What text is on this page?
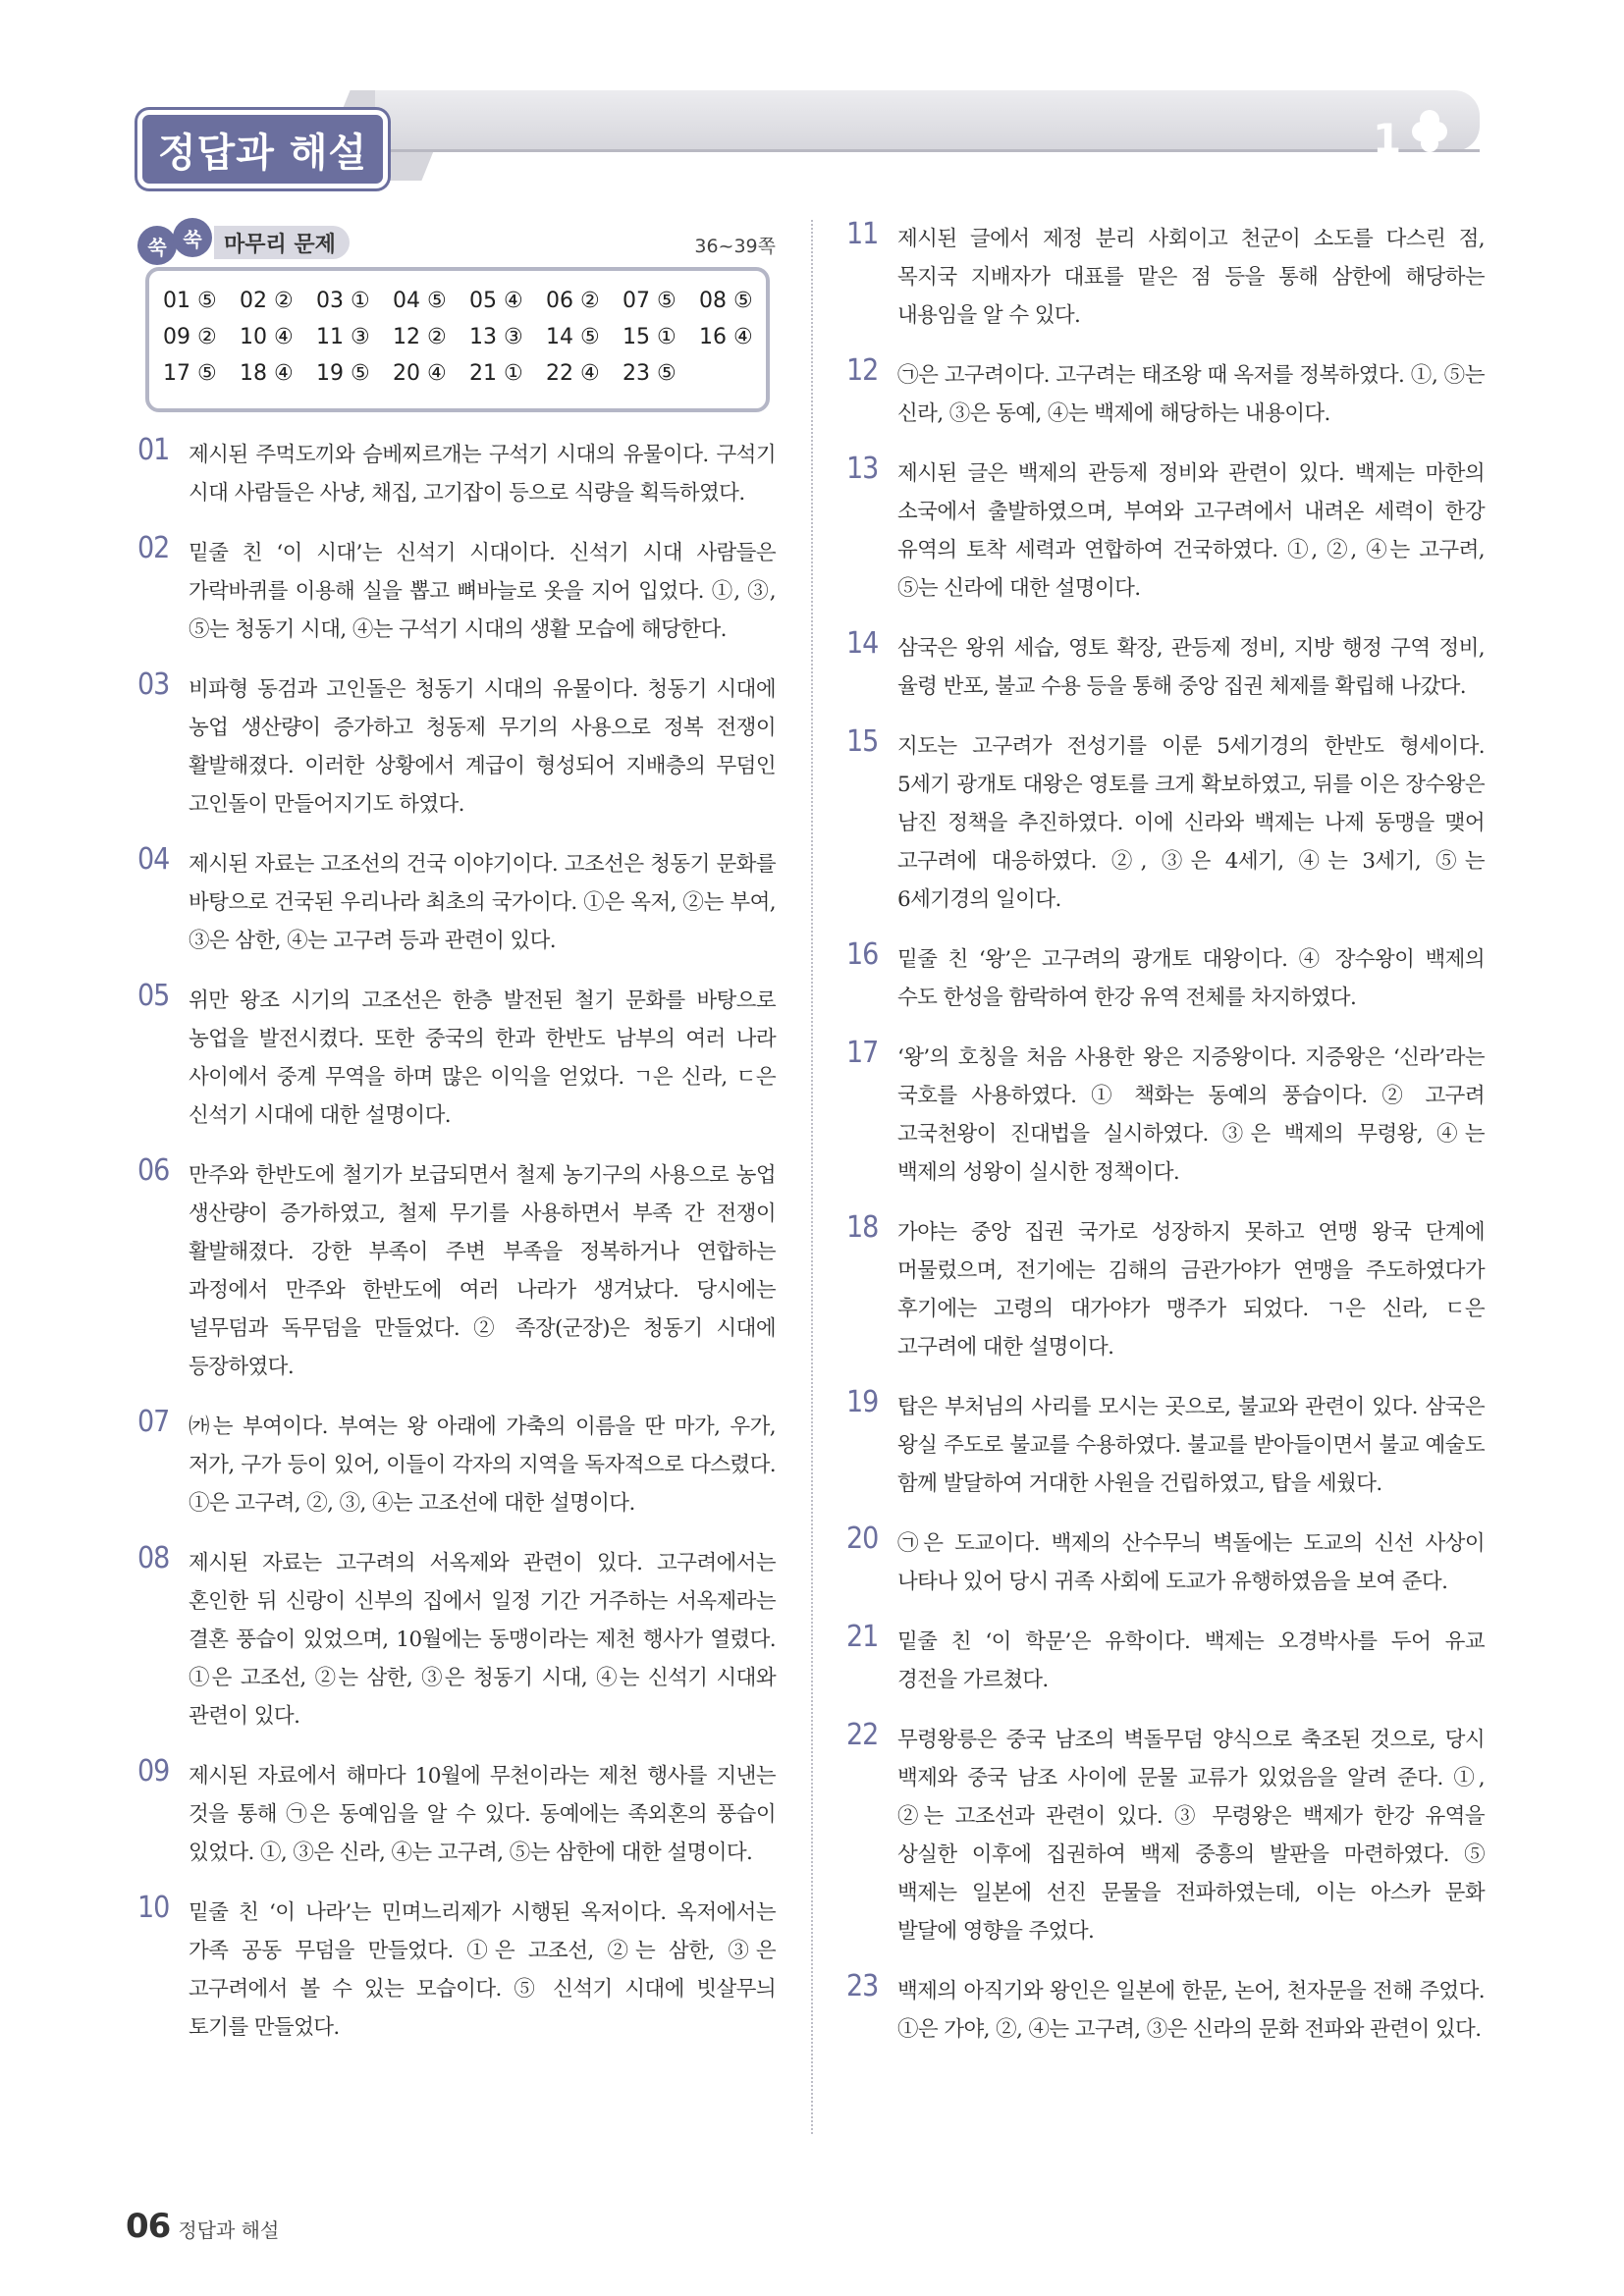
정답과 해설	1
쑥 쑥	마무리 문제	36~39쪽
01 ⑤	02 ②	03 ①	04 ⑤	05 ④	06 ②	07 ⑤	08 ⑤
09 ②	10 ④	11 ③	12 ②	13 ③	14 ⑤	15 ①	16 ④
17 ⑤	18 ④	19 ⑤	20 ④	21 ①	22 ④	23 ⑤
01 제시된 주먹도끼와 슴베찌르개는 구석기 시대의 유물이다. 구석기 시대 사람들은 사냥, 채집, 고기잡이 등으로 식량을 획득하였다.
02 밑줄 친 ‘이 시대’는 신석기 시대이다. 신석기 시대 사람들은 가락바퀴를 이용해 실을 뽑고 뼈바늘로 옷을 지어 입었다. ①, ③, ⑤는 청동기 시대, ④는 구석기 시대의 생활 모습에 해당한다.
03 비파형 동검과 고인돌은 청동기 시대의 유물이다. 청동기 시대에 농업 생산량이 증가하고 청동제 무기의 사용으로 정복 전쟁이 활발해졌다. 이러한 상황에서 계급이 형성되어 지배층의 무덤인 고인돌이 만들어지기도 하였다.
04 제시된 자료는 고조선의 건국 이야기이다. 고조선은 청동기 문화를 바탕으로 건국된 우리나라 최초의 국가이다. ①은 옥저, ②는 부여, ③은 삼한, ④는 고구려 등과 관련이 있다.
05 위만 왕조 시기의 고조선은 한층 발전된 철기 문화를 바탕으로 농업을 발전시켰다. 또한 중국의 한과 한반도 남부의 여러 나라 사이에서 중계 무역을 하며 많은 이익을 얻었다. ㄱ은 신라, ㄷ은 신석기 시대에 대한 설명이다.
06 만주와 한반도에 철기가 보급되면서 철제 농기구의 사용으로 농업 생산량이 증가하였고, 철제 무기를 사용하면서 부족 간 전쟁이 활발해졌다. 강한 부족이 주변 부족을 정복하거나 연합하는 과정에서 만주와 한반도에 여러 나라가 생겨났다. 당시에는 널무덤과 독무덤을 만들었다. ② 족장(군장)은 청동기 시대에 등장하였다.
07 ㈎는 부여이다. 부여는 왕 아래에 가축의 이름을 딴 마가, 우가, 저가, 구가 등이 있어, 이들이 각자의 지역을 독자적으로 다스렸다. ①은 고구려, ②, ③, ④는 고조선에 대한 설명이다.
08 제시된 자료는 고구려의 서옥제와 관련이 있다. 고구려에서는 혼인한 뒤 신랑이 신부의 집에서 일정 기간 거주하는 서옥제라는 결혼 풍습이 있었으며, 10월에는 동맹이라는 제천 행사가 열렸다. ①은 고조선, ②는 삼한, ③은 청동기 시대, ④는 신석기 시대와 관련이 있다.
09 제시된 자료에서 해마다 10월에 무천이라는 제천 행사를 지낸는 것을 통해 ㉠은 동예임을 알 수 있다. 동예에는 족외혼의 풍습이 있었다. ①, ③은 신라, ④는 고구려, ⑤는 삼한에 대한 설명이다.
10 밑줄 친 ‘이 나라’는 민며느리제가 시행된 옥저이다. 옥저에서는 가족 공동 무덤을 만들었다. ①은 고조선, ②는 삼한, ③은 고구려에서 볼 수 있는 모습이다. ⑤ 신석기 시대에 빗살무늬 토기를 만들었다.
11 제시된 글에서 제정 분리 사회이고 천군이 소도를 다스린 점, 목지국 지배자가 대표를 맡은 점 등을 통해 삼한에 해당하는 내용임을 알 수 있다.
12 ㉠은 고구려이다. 고구려는 태조왕 때 옥저를 정복하였다. ①, ⑤는 신라, ③은 동예, ④는 백제에 해당하는 내용이다.
13 제시된 글은 백제의 관등제 정비와 관련이 있다. 백제는 마한의 소국에서 출발하였으며, 부여와 고구려에서 내려온 세력이 한강 유역의 토착 세력과 연합하여 건국하였다. ①, ②, ④는 고구려, ⑤는 신라에 대한 설명이다.
14 삼국은 왕위 세습, 영토 확장, 관등제 정비, 지방 행정 구역 정비, 율령 반포, 불교 수용 등을 통해 중앙 집권 체제를 확립해 나갔다.
15 지도는 고구려가 전성기를 이룬 5세기경의 한반도 형세이다. 5세기 광개토 대왕은 영토를 크게 확보하였고, 뒤를 이은 장수왕은 남진 정책을 추진하였다. 이에 신라와 백제는 나제 동맹을 맺어 고구려에 대응하였다. ②, ③은 4세기, ④는 3세기, ⑤는 6세기경의 일이다.
16 밑줄 친 ‘왕’은 고구려의 광개토 대왕이다. ④ 장수왕이 백제의 수도 한성을 함락하여 한강 유역 전체를 차지하였다.
17 ‘왕’의 호칭을 처음 사용한 왕은 지증왕이다. 지증왕은 ‘신라’라는 국호를 사용하였다. ① 책화는 동예의 풍습이다. ② 고구려 고국천왕이 진대법을 실시하였다. ③은 백제의 무령왕, ④는 백제의 성왕이 실시한 정책이다.
18 가야는 중앙 집권 국가로 성장하지 못하고 연맹 왕국 단계에 머물렀으며, 전기에는 김해의 금관가야가 연맹을 주도하였다가 후기에는 고령의 대가야가 맹주가 되었다. ㄱ은 신라, ㄷ은 고구려에 대한 설명이다.
19 탑은 부처님의 사리를 모시는 곳으로, 불교와 관련이 있다. 삼국은 왕실 주도로 불교를 수용하였다. 불교를 받아들이면서 불교 예술도 함께 발달하여 거대한 사원을 건립하였고, 탑을 세웠다.
20 ㉠은 도교이다. 백제의 산수무늬 벽돌에는 도교의 신선 사상이 나타나 있어 당시 귀족 사회에 도교가 유행하였음을 보여 준다.
21 밑줄 친 ‘이 학문’은 유학이다. 백제는 오경박사를 두어 유교 경전을 가르쳤다.
22 무령왕릉은 중국 남조의 벽돌무덤 양식으로 축조된 것으로, 당시 백제와 중국 남조 사이에 문물 교류가 있었음을 알려 준다. ①, ②는 고조선과 관련이 있다. ③ 무령왕은 백제가 한강 유역을 상실한 이후에 집권하여 백제 중흥의 발판을 마련하였다. ⑤ 백제는 일본에 선진 문물을 전파하였는데, 이는 아스카 문화 발달에 영향을 주었다.
23 백제의 아직기와 왕인은 일본에 한문, 논어, 천자문을 전해 주었다. ①은 가야, ②, ④는 고구려, ③은 신라의 문화 전파와 관련이 있다.
06 정답과 해설
